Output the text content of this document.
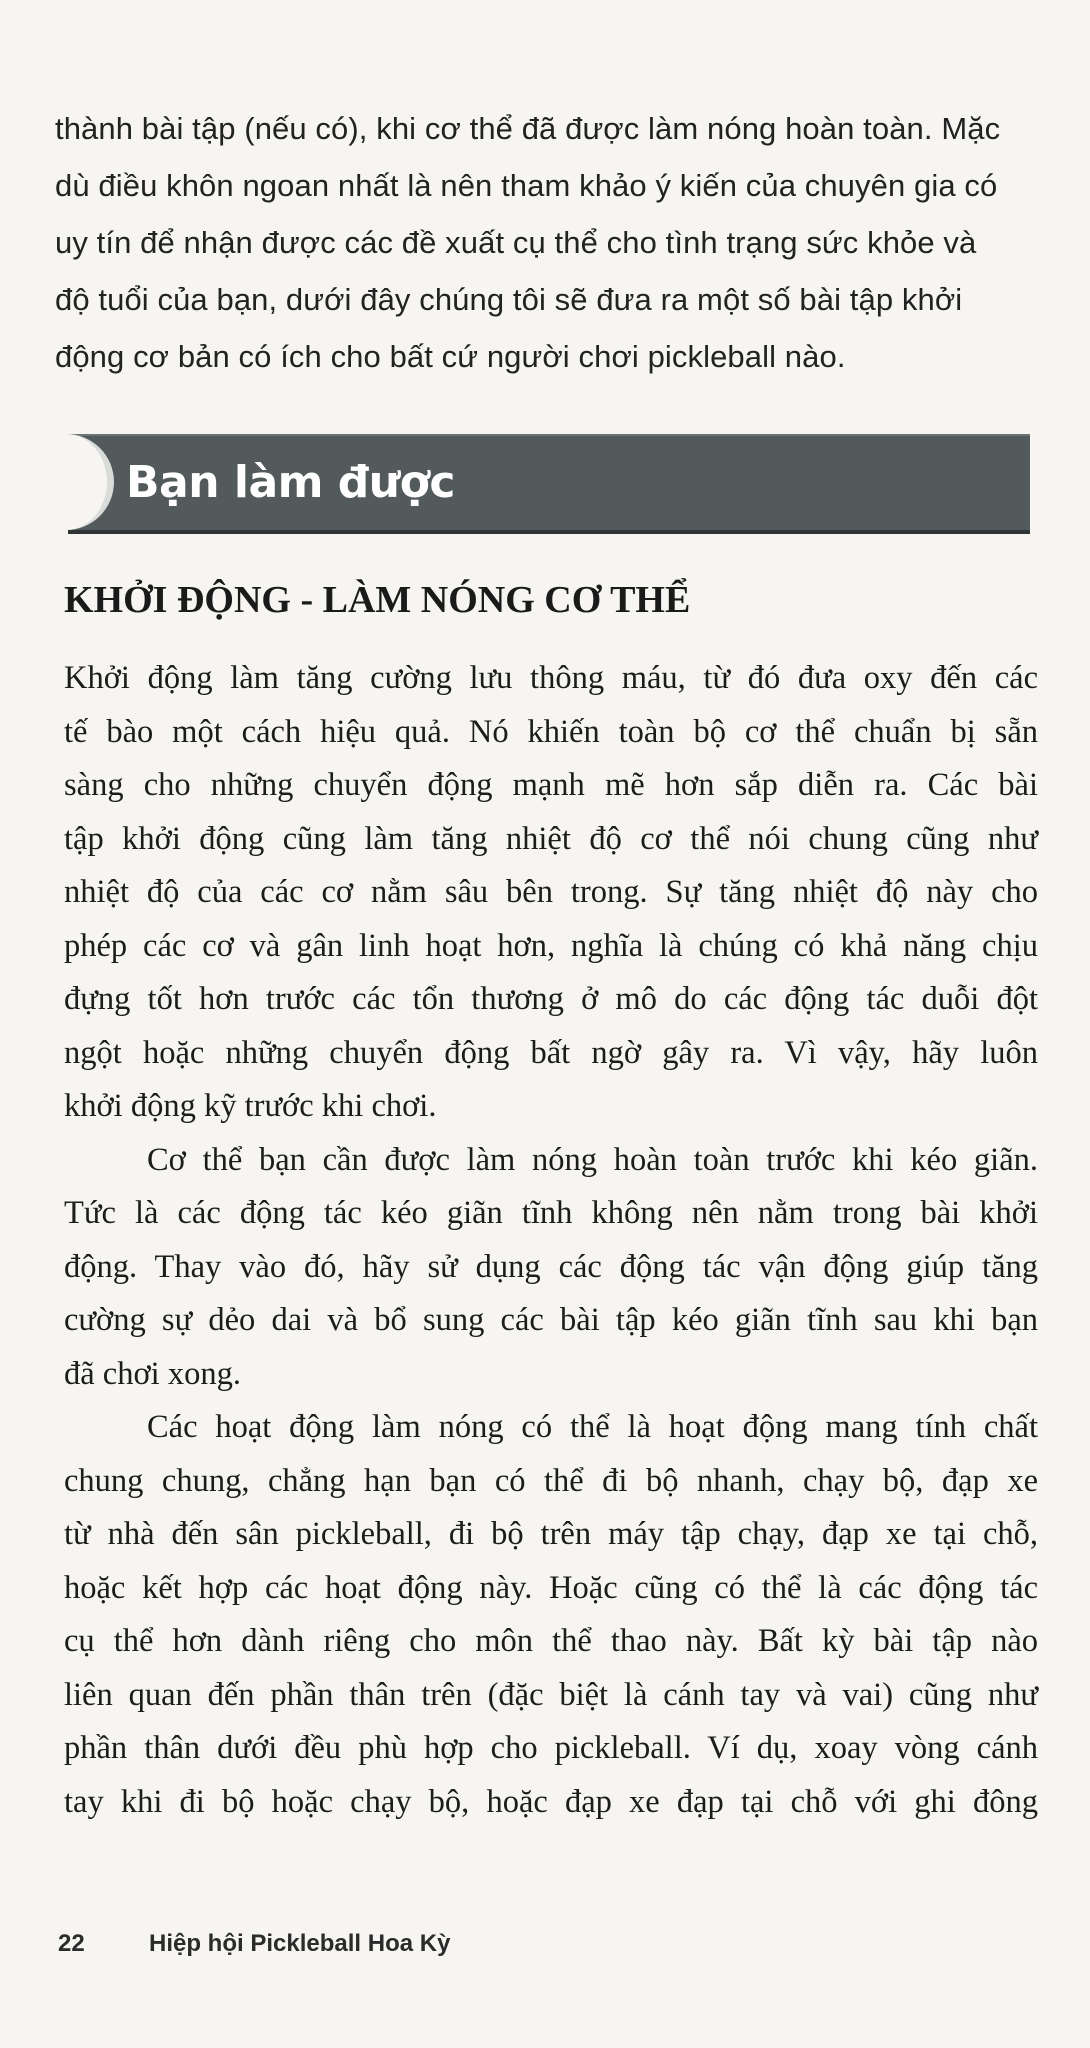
thành bài tập (nếu có), khi cơ thể đã được làm nóng hoàn toàn. Mặc
dù điều khôn ngoan nhất là nên tham khảo ý kiến của chuyên gia có
uy tín để nhận được các đề xuất cụ thể cho tình trạng sức khỏe và
độ tuổi của bạn, dưới đây chúng tôi sẽ đưa ra một số bài tập khởi
động cơ bản có ích cho bất cứ người chơi pickleball nào.
Bạn làm được
KHỞI ĐỘNG - LÀM NÓNG CƠ THỂ
Khởi động làm tăng cường lưu thông máu, từ đó đưa oxy đến các
tế bào một cách hiệu quả. Nó khiến toàn bộ cơ thể chuẩn bị sẵn
sàng cho những chuyển động mạnh mẽ hơn sắp diễn ra. Các bài
tập khởi động cũng làm tăng nhiệt độ cơ thể nói chung cũng như
nhiệt độ của các cơ nằm sâu bên trong. Sự tăng nhiệt độ này cho
phép các cơ và gân linh hoạt hơn, nghĩa là chúng có khả năng chịu
đựng tốt hơn trước các tổn thương ở mô do các động tác duỗi đột
ngột hoặc những chuyển động bất ngờ gây ra. Vì vậy, hãy luôn
khởi động kỹ trước khi chơi.
Cơ thể bạn cần được làm nóng hoàn toàn trước khi kéo giãn.
Tức là các động tác kéo giãn tĩnh không nên nằm trong bài khởi
động. Thay vào đó, hãy sử dụng các động tác vận động giúp tăng
cường sự dẻo dai và bổ sung các bài tập kéo giãn tĩnh sau khi bạn
đã chơi xong.
Các hoạt động làm nóng có thể là hoạt động mang tính chất
chung chung, chẳng hạn bạn có thể đi bộ nhanh, chạy bộ, đạp xe
từ nhà đến sân pickleball, đi bộ trên máy tập chạy, đạp xe tại chỗ,
hoặc kết hợp các hoạt động này. Hoặc cũng có thể là các động tác
cụ thể hơn dành riêng cho môn thể thao này. Bất kỳ bài tập nào
liên quan đến phần thân trên (đặc biệt là cánh tay và vai) cũng như
phần thân dưới đều phù hợp cho pickleball. Ví dụ, xoay vòng cánh
tay khi đi bộ hoặc chạy bộ, hoặc đạp xe đạp tại chỗ với ghi đông
22	Hiệp hội Pickleball Hoa Kỳ
